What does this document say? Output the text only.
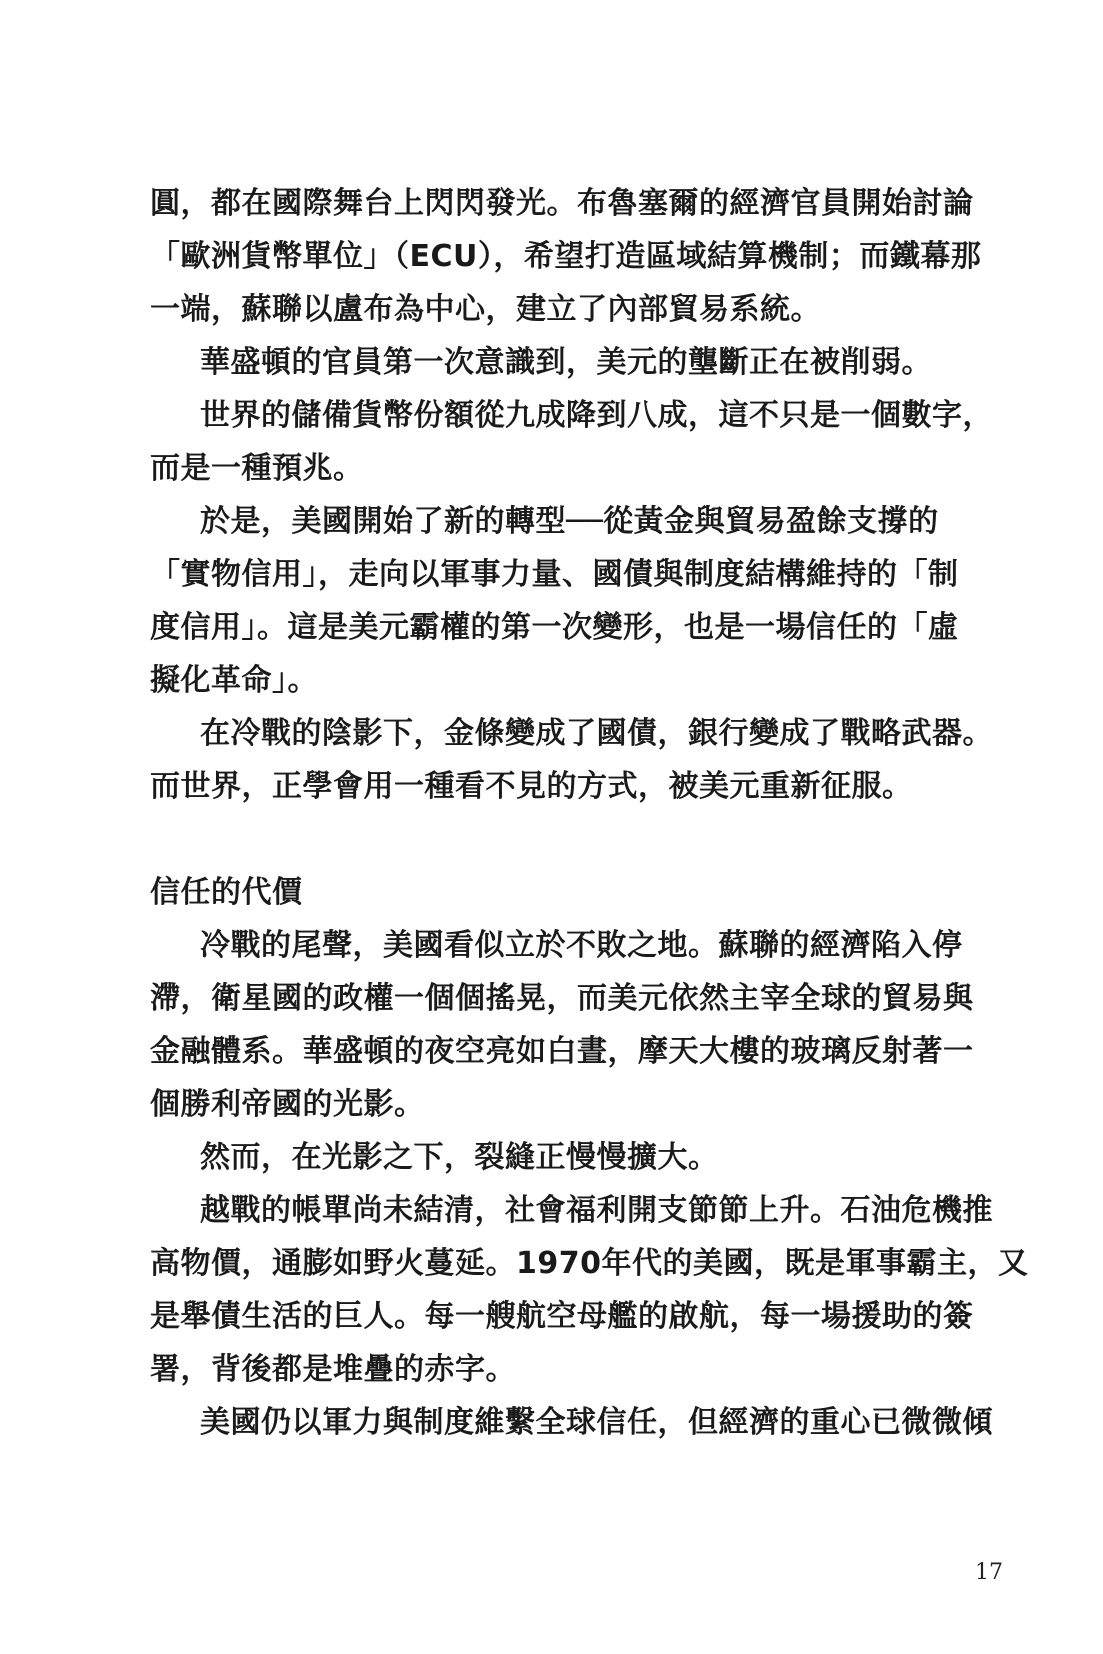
圓，都在國際舞台上閃閃發光。布魯塞爾的經濟官員開始討論
「歐洲貨幣單位」（ECU），希望打造區域結算機制；而鐵幕那
一端，蘇聯以盧布為中心，建立了內部貿易系統。
華盛頓的官員第一次意識到，美元的壟斷正在被削弱。
世界的儲備貨幣份額從九成降到八成，這不只是一個數字，
而是一種預兆。
於是，美國開始了新的轉型──從黃金與貿易盈餘支撐的
「實物信用」，走向以軍事力量、國債與制度結構維持的「制
度信用」。這是美元霸權的第一次變形，也是一場信任的「虛
擬化革命」。
在冷戰的陰影下，金條變成了國債，銀行變成了戰略武器。
而世界，正學會用一種看不見的方式，被美元重新征服。
信任的代價
冷戰的尾聲，美國看似立於不敗之地。蘇聯的經濟陷入停
滯，衛星國的政權一個個搖晃，而美元依然主宰全球的貿易與
金融體系。華盛頓的夜空亮如白晝，摩天大樓的玻璃反射著一
個勝利帝國的光影。
然而，在光影之下，裂縫正慢慢擴大。
越戰的帳單尚未結清，社會福利開支節節上升。石油危機推
高物價，通膨如野火蔓延。1970年代的美國，既是軍事霸主，又
是舉債生活的巨人。每一艘航空母艦的啟航，每一場援助的簽
署，背後都是堆疊的赤字。
美國仍以軍力與制度維繫全球信任，但經濟的重心已微微傾
17
